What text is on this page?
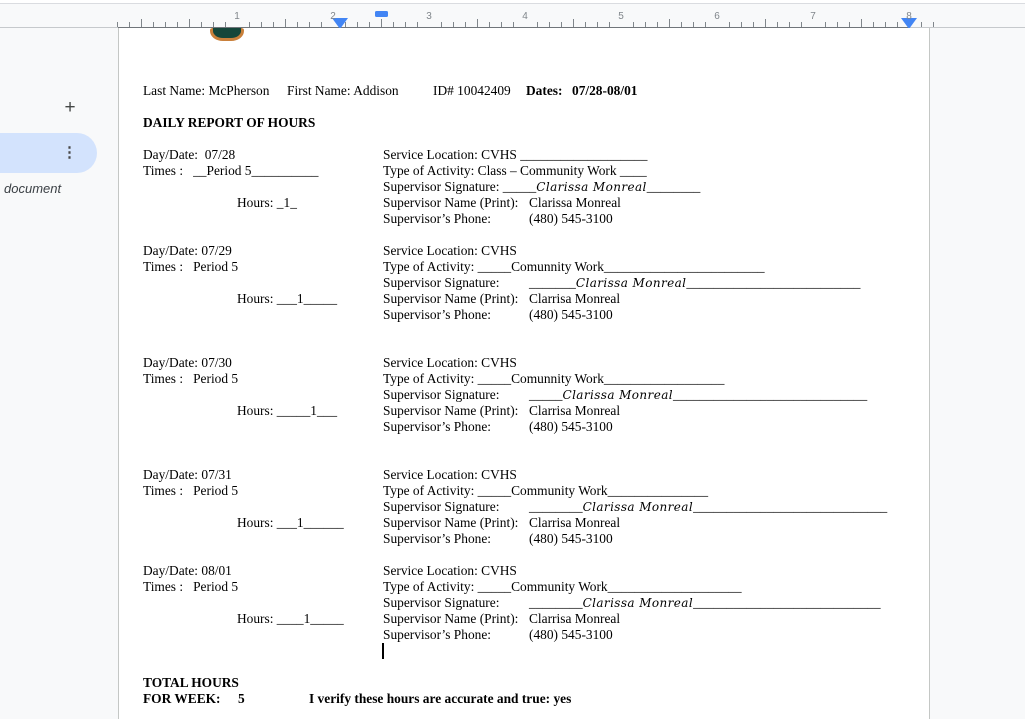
1	2	3	4	5	6	7	8
+
⋮
document

Last Name: McPherson

First Name: Addison

	ID# 10042409

Dates:

07/28-08/01

DAILY REPORT OF HOURS
Day/Date:  07/28	Service Location: CVHS ___________________
Times :   __Period 5__________	Type of Activity: Class – Community Work ____
Supervisor Signature: _____Clarissa Monreal________
Hours: _1_	Supervisor Name (Print): Clarissa Monreal
Supervisor’s Phone:	(480) 545-3100
Day/Date: 07/29	Service Location: CVHS
Times :   Period 5	Type of Activity: _____Comunnity Work________________________
Supervisor Signature: _______Clarissa Monreal__________________________
Hours: ___1_____	Supervisor Name (Print): Clarrisa Monreal
Supervisor’s Phone:	(480) 545-3100
Day/Date: 07/30	Service Location: CVHS
Times :   Period 5	Type of Activity: _____Comunnity Work__________________
Supervisor Signature: _____Clarissa Monreal_____________________________
Hours: _____1___	Supervisor Name (Print): Clarrisa Monreal
Supervisor’s Phone:	(480) 545-3100
Day/Date: 07/31	Service Location: CVHS
Times :   Period 5	Type of Activity: _____Community Work_______________
Supervisor Signature: ________Clarissa Monreal_____________________________
Hours: ___1______	Supervisor Name (Print): Clarrisa Monreal
Supervisor’s Phone:	(480) 545-3100
Day/Date: 08/01	Service Location: CVHS
Times :   Period 5	Type of Activity: _____Community Work____________________
Supervisor Signature: ________Clarissa Monreal____________________________
Hours: ____1_____	Supervisor Name (Print): Clarrisa Monreal
Supervisor’s Phone:	(480) 545-3100

TOTAL HOURS

FOR WEEK:

5

	I verify these hours are accurate and true: yes
